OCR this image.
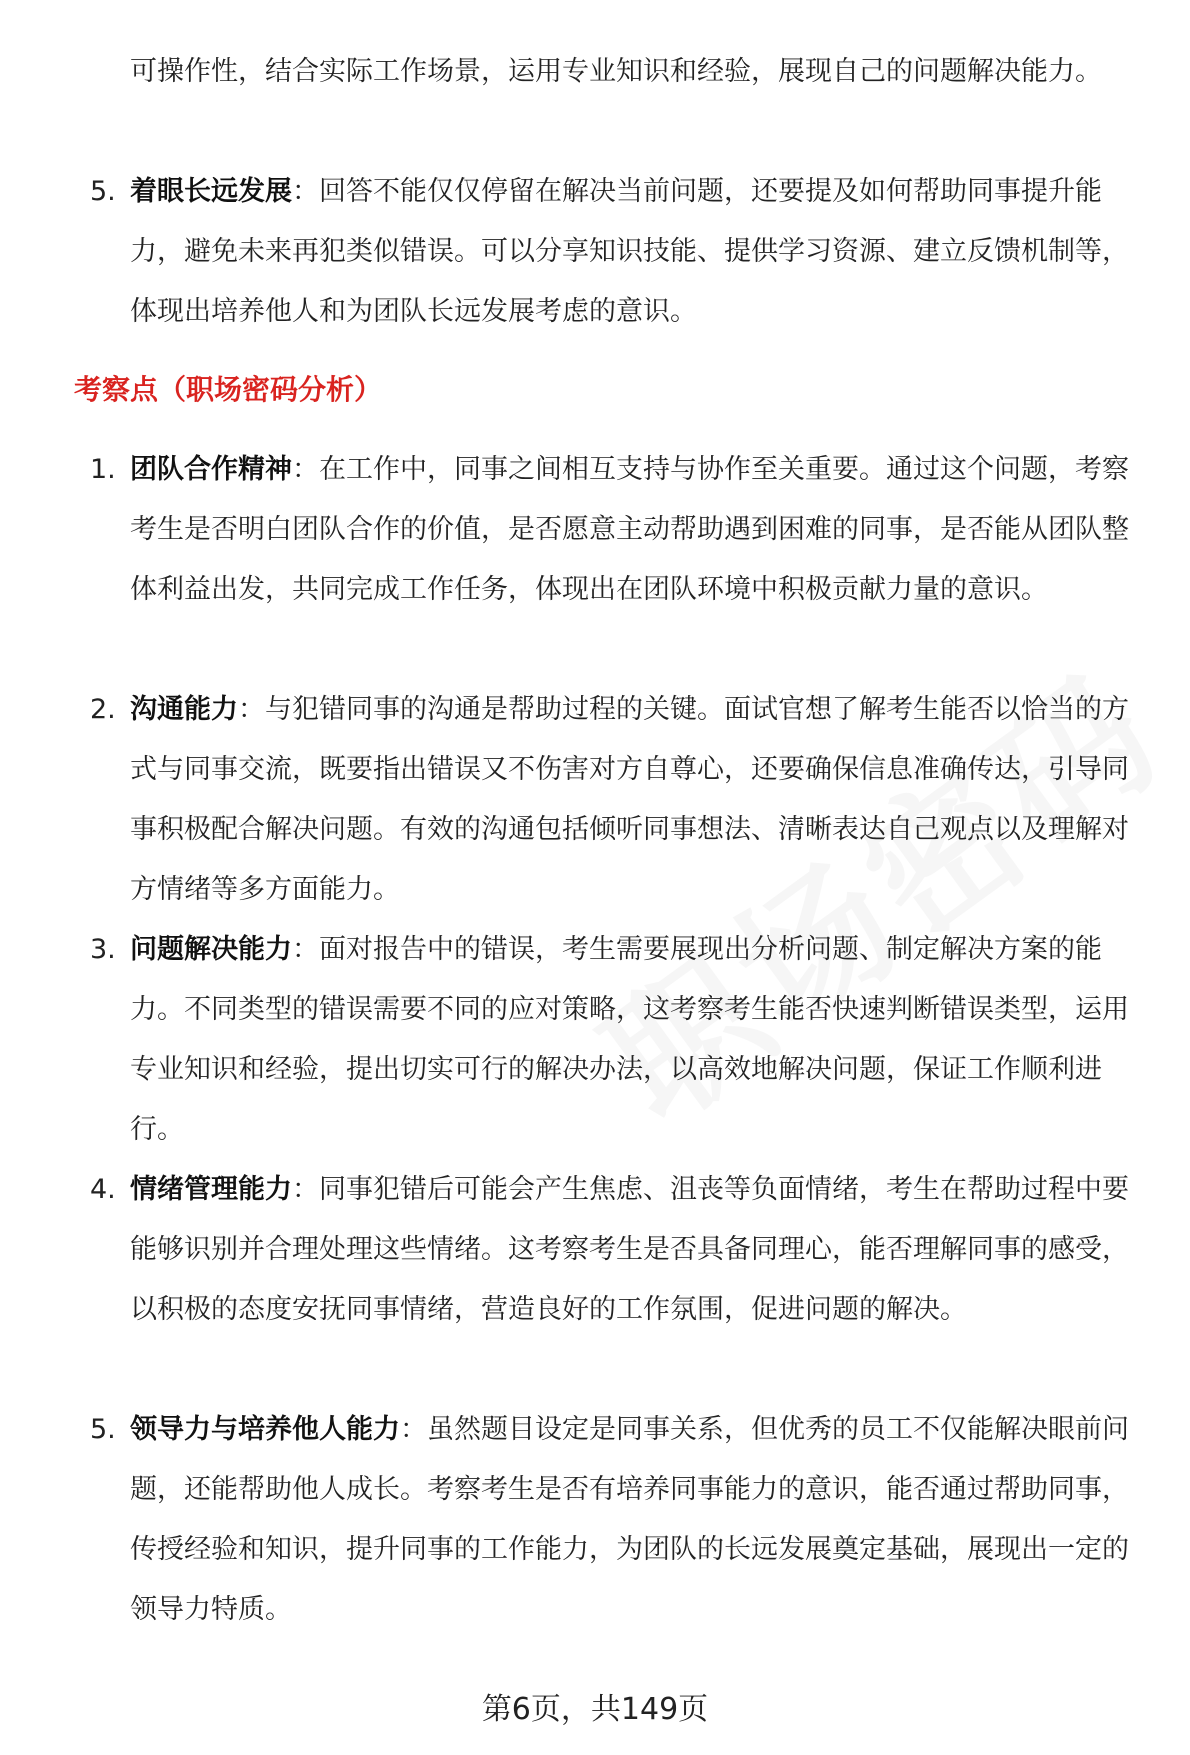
可操作性，结合实际工作场景，运用专业知识和经验，展现自己的问题解决能力。

5. 着眼长远发展：回答不能仅仅停留在解决当前问题，还要提及如何帮助同事提升能力，避免未来再犯类似错误。可以分享知识技能、提供学习资源、建立反馈机制等，体现出培养他人和为团队长远发展考虑的意识。
考察点（职场密码分析）
1. 团队合作精神：在工作中，同事之间相互支持与协作至关重要。通过这个问题，考察考生是否明白团队合作的价值，是否愿意主动帮助遇到困难的同事，是否能从团队整体利益出发，共同完成工作任务，体现出在团队环境中积极贡献力量的意识。
2. 沟通能力：与犯错同事的沟通是帮助过程的关键。面试官想了解考生能否以恰当的方式与同事交流，既要指出错误又不伤害对方自尊心，还要确保信息准确传达，引导同事积极配合解决问题。有效的沟通包括倾听同事想法、清晰表达自己观点以及理解对方情绪等多方面能力。
3. 问题解决能力：面对报告中的错误，考生需要展现出分析问题、制定解决方案的能力。不同类型的错误需要不同的应对策略，这考察考生能否快速判断错误类型，运用专业知识和经验，提出切实可行的解决办法，以高效地解决问题，保证工作顺利进行。
4. 情绪管理能力：同事犯错后可能会产生焦虑、沮丧等负面情绪，考生在帮助过程中要能够识别并合理处理这些情绪。这考察考生是否具备同理心，能否理解同事的感受，以积极的态度安抚同事情绪，营造良好的工作氛围，促进问题的解决。
5. 领导力与培养他人能力：虽然题目设定是同事关系，但优秀的员工不仅能解决眼前问题，还能帮助他人成长。考察考生是否有培养同事能力的意识，能否通过帮助同事，传授经验和知识，提升同事的工作能力，为团队的长远发展奠定基础，展现出一定的领导力特质。
第6页，共149页
